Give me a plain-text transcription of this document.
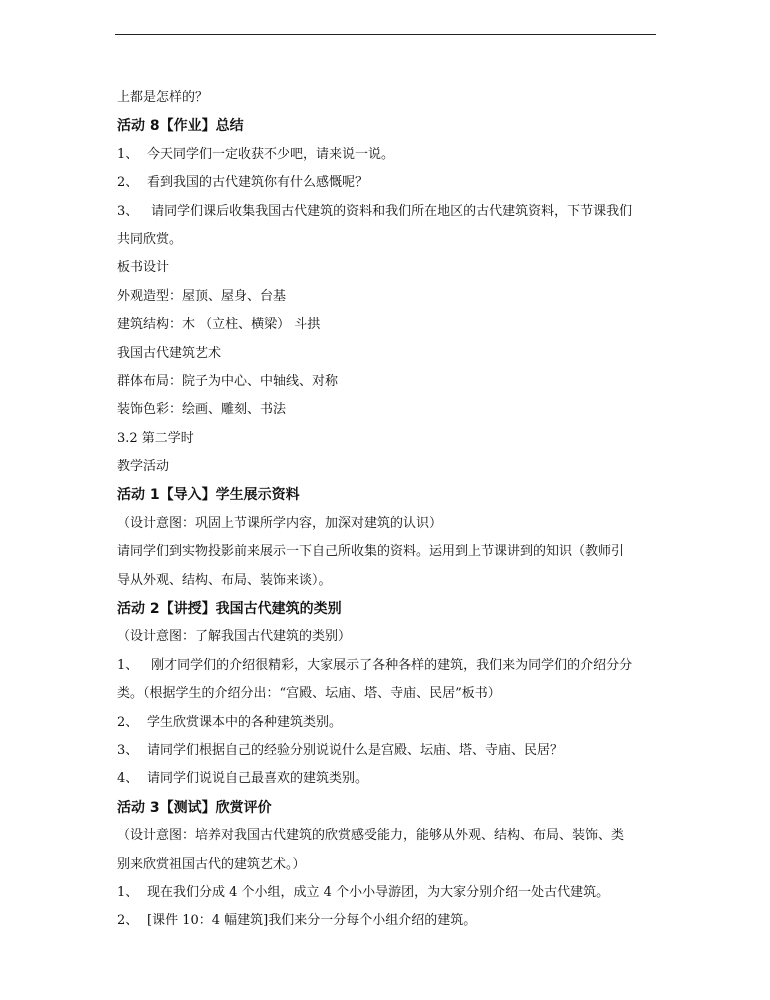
上都是怎样的？
活动 8【作业】总结
1、 今天同学们一定收获不少吧，请来说一说。
2、 看到我国的古代建筑你有什么感慨呢？
3、 请同学们课后收集我国古代建筑的资料和我们所在地区的古代建筑资料，下节课我们
共同欣赏。
板书设计
外观造型：屋顶、屋身、台基
建筑结构：木 （立柱、横梁） 斗拱
我国古代建筑艺术
群体布局：院子为中心、中轴线、对称
装饰色彩：绘画、雕刻、书法
3.2 第二学时
教学活动
活动 1【导入】学生展示资料
（设计意图：巩固上节课所学内容，加深对建筑的认识）
请同学们到实物投影前来展示一下自己所收集的资料。运用到上节课讲到的知识（教师引
导从外观、结构、布局、装饰来谈）。
活动 2【讲授】我国古代建筑的类别
（设计意图：了解我国古代建筑的类别）
1、 刚才同学们的介绍很精彩，大家展示了各种各样的建筑，我们来为同学们的介绍分分
类。（根据学生的介绍分出：“宫殿、坛庙、塔、寺庙、民居”板书）
2、 学生欣赏课本中的各种建筑类别。
3、 请同学们根据自己的经验分别说说什么是宫殿、坛庙、塔、寺庙、民居？
4、 请同学们说说自己最喜欢的建筑类别。
活动 3【测试】欣赏评价
（设计意图：培养对我国古代建筑的欣赏感受能力，能够从外观、结构、布局、装饰、类
别来欣赏祖国古代的建筑艺术。）
1、 现在我们分成 4 个小组，成立 4 个小小导游团，为大家分别介绍一处古代建筑。
2、 [课件 10：4 幅建筑]我们来分一分每个小组介绍的建筑。
